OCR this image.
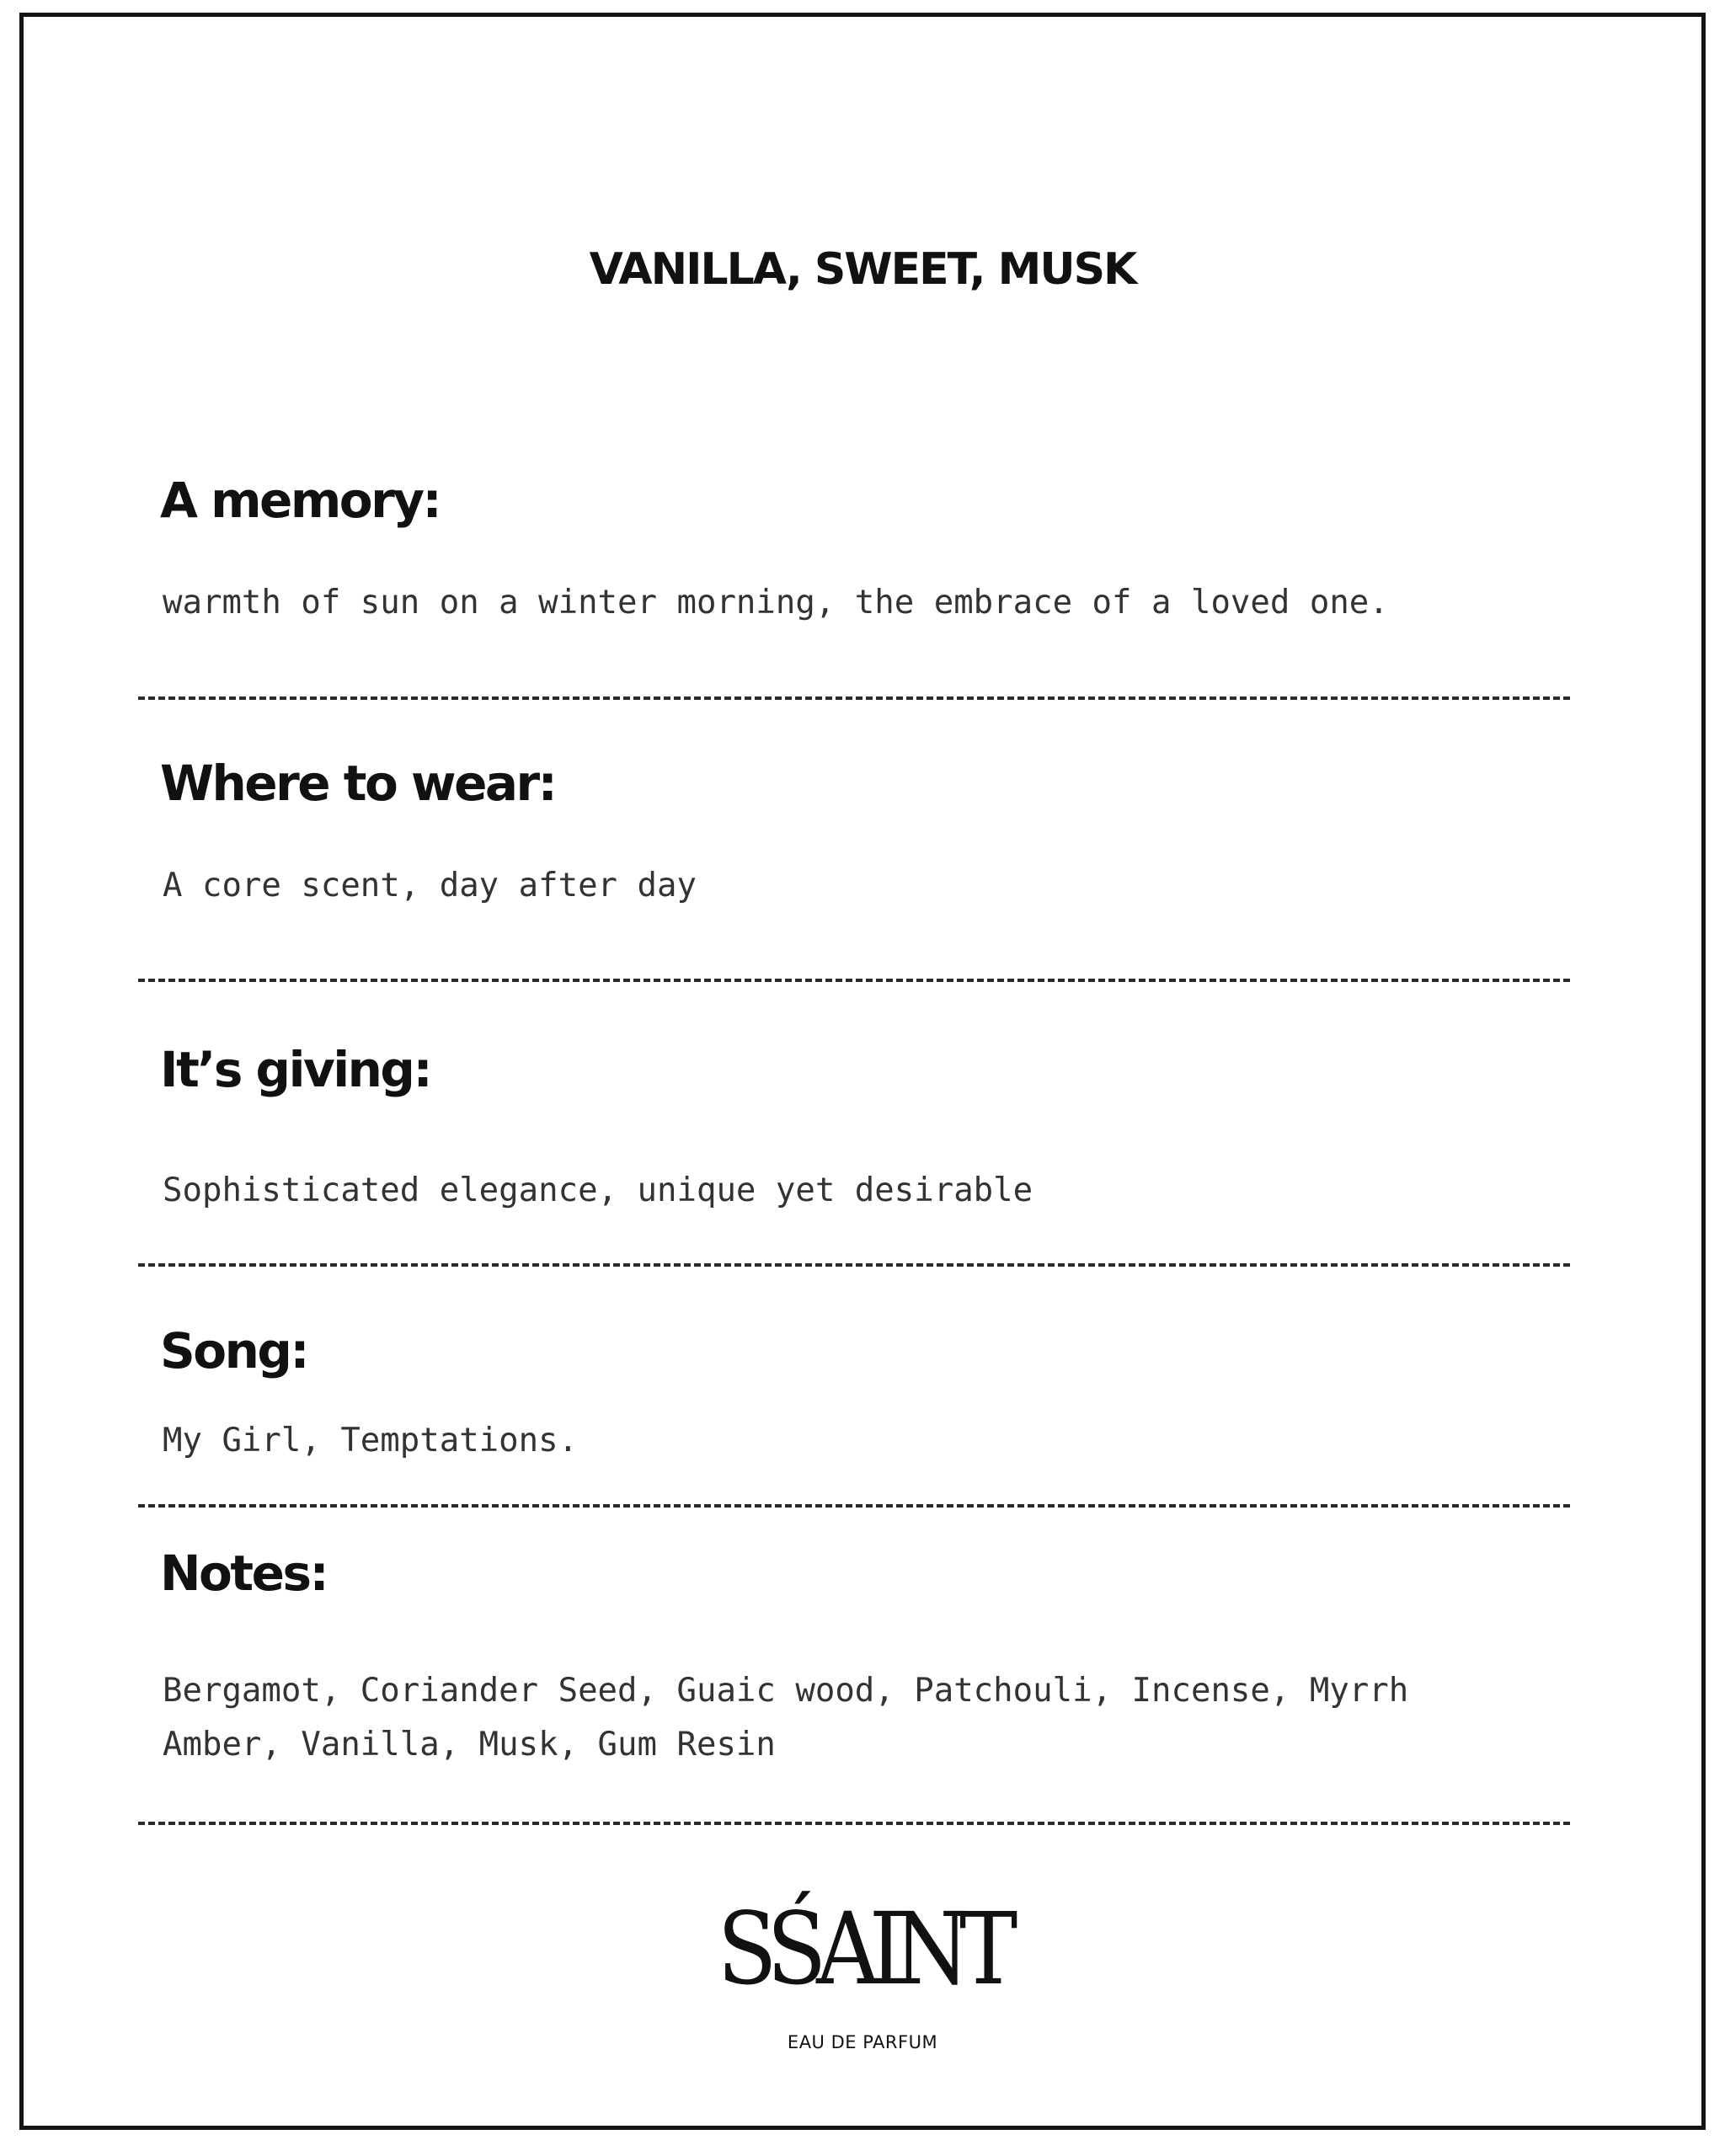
VANILLA, SWEET, MUSK
A memory:

warmth of sun on a winter morning, the embrace of a loved one.

Where to wear:

A core scent, day after day

It’s giving:

Sophisticated elegance, unique yet desirable

Song:

My Girl, Temptations.

Notes:

Bergamot, Coriander Seed, Guaic wood, Patchouli, Incense, Myrrh

Amber, Vanilla, Musk, Gum Resin

SŚAINT
EAU DE PARFUM
